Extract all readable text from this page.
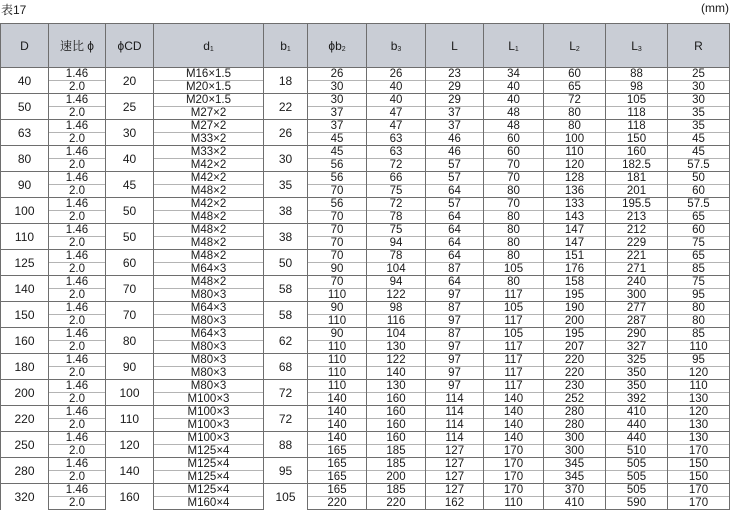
表17	(mm)
D	速比 ϕ	ϕCD	$d_1$	$b_1$	$\phi b_2$	$b_3$	L	$L_1$	$L_2$	$L_3$	R
40	1.46	20	M16×1.5	18	26	26	23	34	60	88	25
	2.0		M20×1.5		30	40	29	40	65	98	30
50	1.46	25	M20×1.5	22	30	40	29	40	72	105	30
	2.0		M27×2		37	47	37	48	80	118	35
63	1.46	30	M27×2	26	37	47	37	48	80	118	35
	2.0		M33×2		45	63	46	60	100	150	45
80	1.46	40	M33×2	30	45	63	46	60	110	160	45
	2.0		M42×2		56	72	57	70	120	182.5	57.5
90	1.46	45	M42×2	35	56	66	57	70	128	181	50
	2.0		M48×2		70	75	64	80	136	201	60
100	1.46	50	M42×2	38	56	72	57	70	133	195.5	57.5
	2.0		M48×2		70	78	64	80	143	213	65
110	1.46	50	M48×2	38	70	75	64	80	147	212	60
	2.0		M48×2		70	94	64	80	147	229	75
125	1.46	60	M48×2	50	70	78	64	80	151	221	65
	2.0		M64×3		90	104	87	105	176	271	85
140	1.46	70	M48×2	58	70	94	64	80	158	240	75
	2.0		M80×3		110	122	97	117	195	300	95
150	1.46	70	M64×3	58	90	98	87	105	190	277	80
	2.0		M80×3		110	116	97	117	200	287	80
160	1.46	80	M64×3	62	90	104	87	105	195	290	85
	2.0		M80×3		110	130	97	117	207	327	110
180	1.46	90	M80×3	68	110	122	97	117	220	325	95
	2.0		M80×3		110	140	97	117	220	350	120
200	1.46	100	M80×3	72	110	130	97	117	230	350	110
	2.0		M100×3		140	160	114	140	252	392	130
220	1.46	110	M100×3	72	140	160	114	140	280	410	120
	2.0		M100×3		140	160	114	140	280	440	130
250	1.46	120	M100×3	88	140	160	114	140	300	440	130
	2.0		M125×4		165	185	127	170	300	510	170
280	1.46	140	M125×4	95	165	185	127	170	345	505	150
	2.0		M125×4		165	200	127	170	345	505	150
320	1.46	160	M125×4	105	165	185	127	170	370	505	170
	2.0		M160×4		220	220	162	110	410	590	170
